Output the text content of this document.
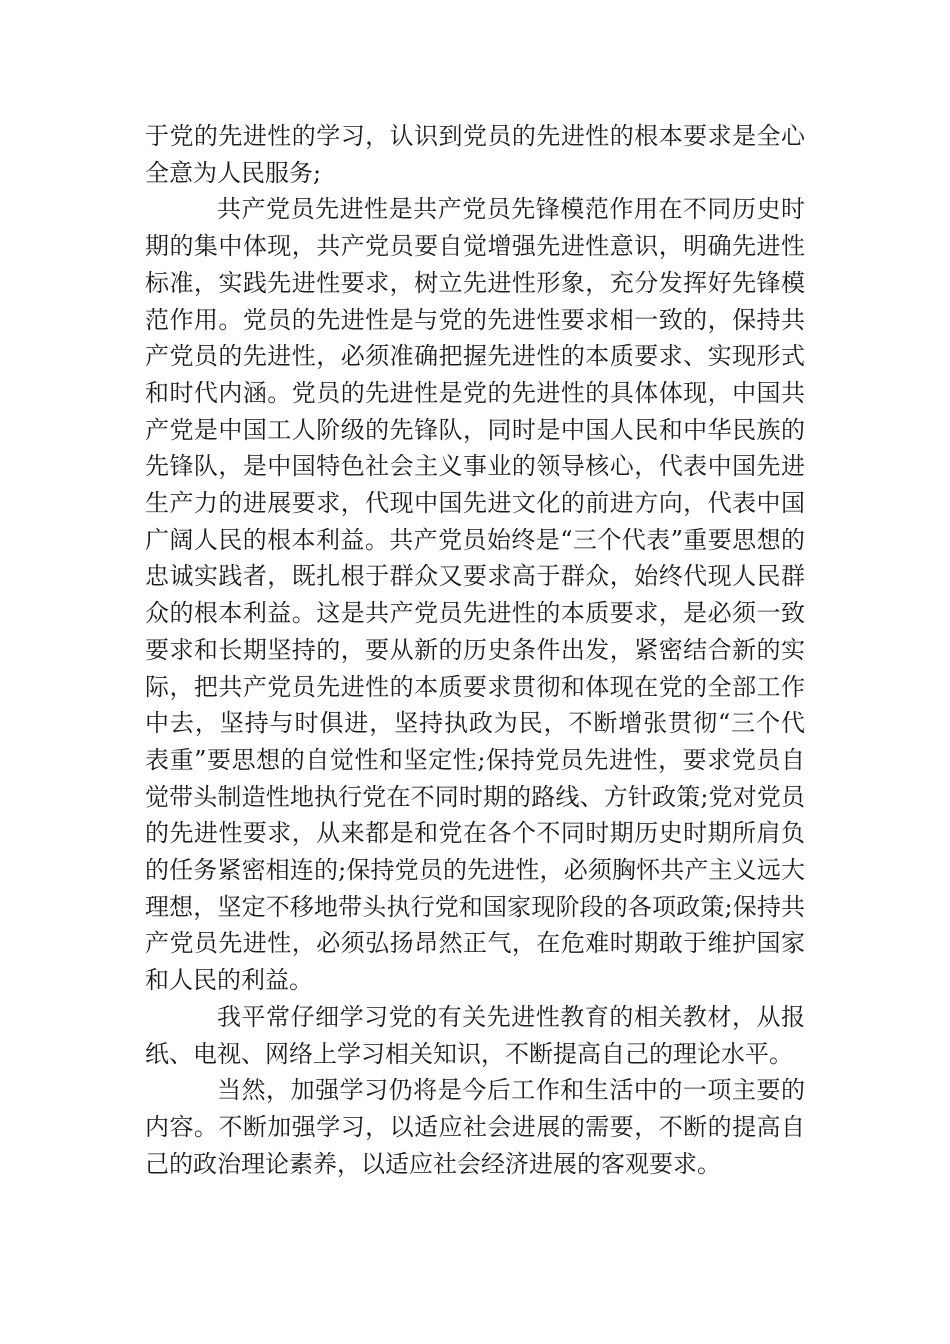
于党的先进性的学习，认识到党员的先进性的根本要求是全心全意为人民服务;

共产党员先进性是共产党员先锋模范作用在不同历史时期的集中体现，共产党员要自觉增强先进性意识，明确先进性标准，实践先进性要求，树立先进性形象，充分发挥好先锋模范作用。党员的先进性是与党的先进性要求相一致的，保持共产党员的先进性，必须准确把握先进性的本质要求、实现形式和时代内涵。党员的先进性是党的先进性的具体体现，中国共产党是中国工人阶级的先锋队，同时是中国人民和中华民族的先锋队，是中国特色社会主义事业的领导核心，代表中国先进生产力的进展要求，代现中国先进文化的前进方向，代表中国广阔人民的根本利益。共产党员始终是“三个代表”重要思想的忠诚实践者，既扎根于群众又要求高于群众，始终代现人民群众的根本利益。这是共产党员先进性的本质要求，是必须一致要求和长期坚持的，要从新的历史条件出发，紧密结合新的实际，把共产党员先进性的本质要求贯彻和体现在党的全部工作中去，坚持与时俱进，坚持执政为民，不断增张贯彻“三个代表重”要思想的自觉性和坚定性;保持党员先进性，要求党员自觉带头制造性地执行党在不同时期的路线、方针政策;党对党员的先进性要求，从来都是和党在各个不同时期历史时期所肩负的任务紧密相连的;保持党员的先进性，必须胸怀共产主义远大理想，坚定不移地带头执行党和国家现阶段的各项政策;保持共产党员先进性，必须弘扬昂然正气，在危难时期敢于维护国家和人民的利益。

我平常仔细学习党的有关先进性教育的相关教材，从报纸、电视、网络上学习相关知识，不断提高自己的理论水平。

当然，加强学习仍将是今后工作和生活中的一项主要的内容。不断加强学习，以适应社会进展的需要，不断的提高自己的政治理论素养，以适应社会经济进展的客观要求。
